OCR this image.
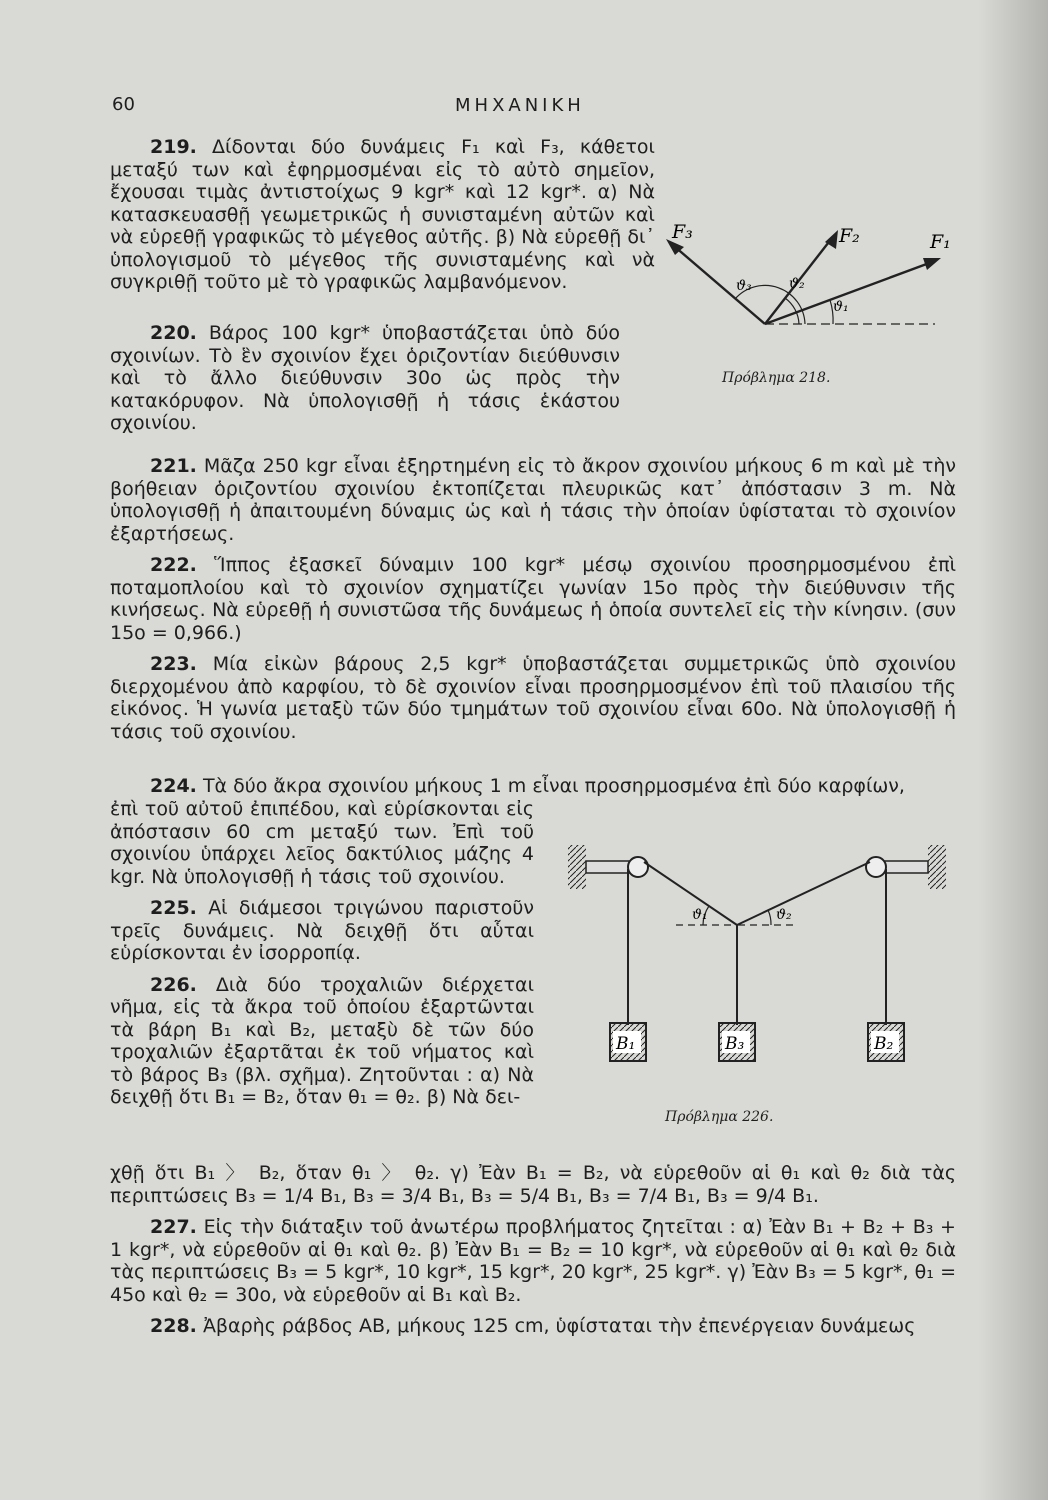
60	ΜΗΧΑΝΙΚΗ

219. Δίδονται δύο δυνάμεις F₁ καὶ F₃, κάθετοι μεταξύ των καὶ ἐφηρμοσμέναι εἰς τὸ αὐτὸ σημεῖον, ἔχουσαι τιμὰς ἀντιστοίχως 9 kgr* καὶ 12 kgr*. α) Νὰ κατασκευασθῇ γεωμετρικῶς ἡ συνισταμένη αὐτῶν καὶ νὰ εὑρεθῇ γραφικῶς τὸ μέγεθος αὐτῆς. β) Νὰ εὑρεθῇ δι᾽ ὑπολογισμοῦ τὸ μέγεθος τῆς συνισταμένης καὶ νὰ συγκριθῇ τοῦτο μὲ τὸ γραφικῶς λαμβανόμενον.

220. Βάρος 100 kgr* ὑποβαστάζεται ὑπὸ δύο σχοινίων. Τὸ ἓν σχοινίον ἔχει ὁριζοντίαν διεύθυνσιν καὶ τὸ ἄλλο διεύθυνσιν 30ο ὡς πρὸς τὴν κατακόρυφον. Νὰ ὑπολογισθῇ ἡ τάσις ἑκάστου σχοινίου.

F₃	F₂	F₁
ϑ₃	ϑ₂
ϑ₁
Πρόβλημα 218.

221. Μᾶζα 250 kgr εἶναι ἐξηρτημένη εἰς τὸ ἄκρον σχοινίου μήκους 6 m καὶ μὲ τὴν βοήθειαν ὁριζοντίου σχοινίου ἐκτοπίζεται πλευρικῶς κατ᾽ ἀπόστασιν 3 m. Νὰ ὑπολογισθῇ ἡ ἀπαιτουμένη δύναμις ὡς καὶ ἡ τάσις τὴν ὁποίαν ὑφίσταται τὸ σχοινίον ἐξαρτήσεως.

222. Ἵππος ἐξασκεῖ δύναμιν 100 kgr* μέσῳ σχοινίου προσηρμοσμένου ἐπὶ ποταμοπλοίου καὶ τὸ σχοινίον σχηματίζει γωνίαν 15ο πρὸς τὴν διεύθυνσιν τῆς κινήσεως. Νὰ εὑρεθῇ ἡ συνιστῶσα τῆς δυνάμεως ἡ ὁποία συντελεῖ εἰς τὴν κίνησιν. (συν 15ο = 0,966.)

223. Μία εἰκὼν βάρους 2,5 kgr* ὑποβαστάζεται συμμετρικῶς ὑπὸ σχοινίου διερχομένου ἀπὸ καρφίου, τὸ δὲ σχοινίον εἶναι προσηρμοσμένον ἐπὶ τοῦ πλαισίου τῆς εἰκόνος. Ἡ γωνία μεταξὺ τῶν δύο τμημάτων τοῦ σχοινίου εἶναι 60ο. Νὰ ὑπολογισθῇ ἡ τάσις τοῦ σχοινίου.

224. Τὰ δύο ἄκρα σχοινίου μήκους 1 m εἶναι προσηρμοσμένα ἐπὶ δύο καρφίων,

ἐπὶ τοῦ αὐτοῦ ἐπιπέδου, καὶ εὑρίσκονται εἰς ἀπόστασιν 60 cm μεταξύ των. Ἐπὶ τοῦ σχοινίου ὑπάρχει λεῖος δακτύλιος μάζης 4 kgr. Νὰ ὑπολογισθῇ ἡ τάσις τοῦ σχοινίου.

225. Αἱ διάμεσοι τριγώνου παριστοῦν τρεῖς δυνάμεις. Νὰ δειχθῇ ὅτι αὗται εὑρίσκονται ἐν ἰσορροπίᾳ.

226. Διὰ δύο τροχαλιῶν διέρχεται νῆμα, εἰς τὰ ἄκρα τοῦ ὁποίου ἐξαρτῶνται τὰ βάρη B₁ καὶ B₂, μεταξὺ δὲ τῶν δύο τροχαλιῶν ἐξαρτᾶται ἐκ τοῦ νήματος καὶ τὸ βάρος B₃ (βλ. σχῆμα). Ζητοῦνται : α) Νὰ δειχθῇ ὅτι B₁ = B₂, ὅταν θ₁ = θ₂. β) Νὰ δει-

B₁	B₃	B₂
ϑ₁	ϑ₂
Πρόβλημα 226.
χθῇ ὅτι B₁ 〉 B₂, ὅταν θ₁ 〉 θ₂. γ) Ἐὰν B₁ = B₂, νὰ εὑρεθοῦν αἱ θ₁ καὶ θ₂ διὰ τὰς περιπτώσεις B₃ = 1/4 B₁, B₃ = 3/4 B₁, B₃ = 5/4 B₁, B₃ = 7/4 B₁, B₃ = 9/4 B₁.

227. Εἰς τὴν διάταξιν τοῦ ἀνωτέρω προβλήματος ζητεῖται : α) Ἐὰν B₁ + B₂ + B₃ + 1 kgr*, νὰ εὑρεθοῦν αἱ θ₁ καὶ θ₂. β) Ἐὰν B₁ = B₂ = 10 kgr*, νὰ εὑρεθοῦν αἱ θ₁ καὶ θ₂ διὰ τὰς περιπτώσεις B₃ = 5 kgr*, 10 kgr*, 15 kgr*, 20 kgr*, 25 kgr*. γ) Ἐὰν B₃ = 5 kgr*, θ₁ = 45ο καὶ θ₂ = 30ο, νὰ εὑρεθοῦν αἱ B₁ καὶ B₂.

228. Ἀβαρὴς ράβδος AB, μήκους 125 cm, ὑφίσταται τὴν ἐπενέργειαν δυνάμεως
